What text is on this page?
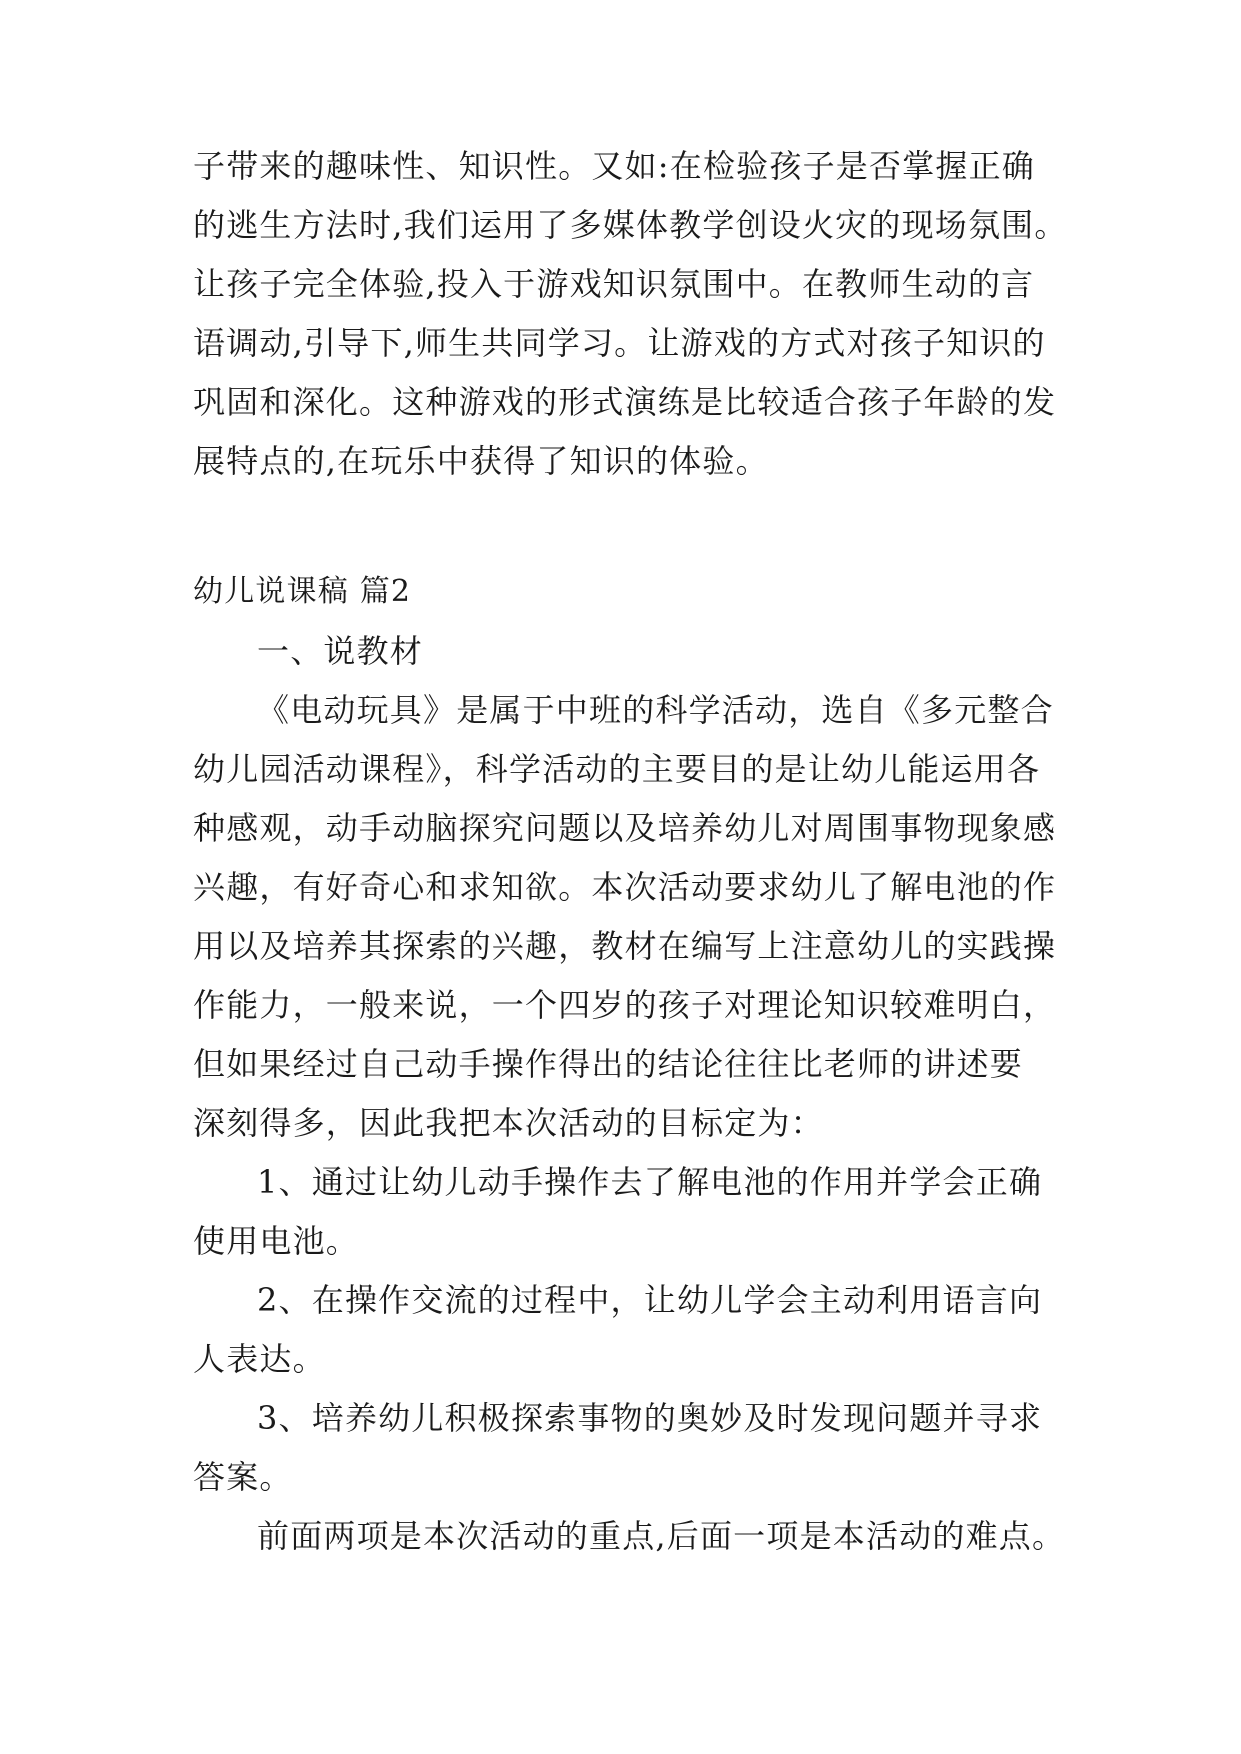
子带来的趣味性、知识性。又如:在检验孩子是否掌握正确
的逃生方法时,我们运用了多媒体教学创设火灾的现场氛围。
让孩子完全体验,投入于游戏知识氛围中。在教师生动的言
语调动,引导下,师生共同学习。让游戏的方式对孩子知识的
巩固和深化。这种游戏的形式演练是比较适合孩子年龄的发
展特点的,在玩乐中获得了知识的体验。
幼儿说课稿 篇2
一、说教材
《电动玩具》是属于中班的科学活动，选自《多元整合
幼儿园活动课程》，科学活动的主要目的是让幼儿能运用各
种感观，动手动脑探究问题以及培养幼儿对周围事物现象感
兴趣，有好奇心和求知欲。本次活动要求幼儿了解电池的作
用以及培养其探索的兴趣，教材在编写上注意幼儿的实践操
作能力，一般来说，一个四岁的孩子对理论知识较难明白，
但如果经过自己动手操作得出的结论往往比老师的讲述要
深刻得多，因此我把本次活动的目标定为：
1、通过让幼儿动手操作去了解电池的作用并学会正确
使用电池。
2、在操作交流的过程中，让幼儿学会主动利用语言向
人表达。
3、培养幼儿积极探索事物的奥妙及时发现问题并寻求
答案。
前面两项是本次活动的重点,后面一项是本活动的难点。
